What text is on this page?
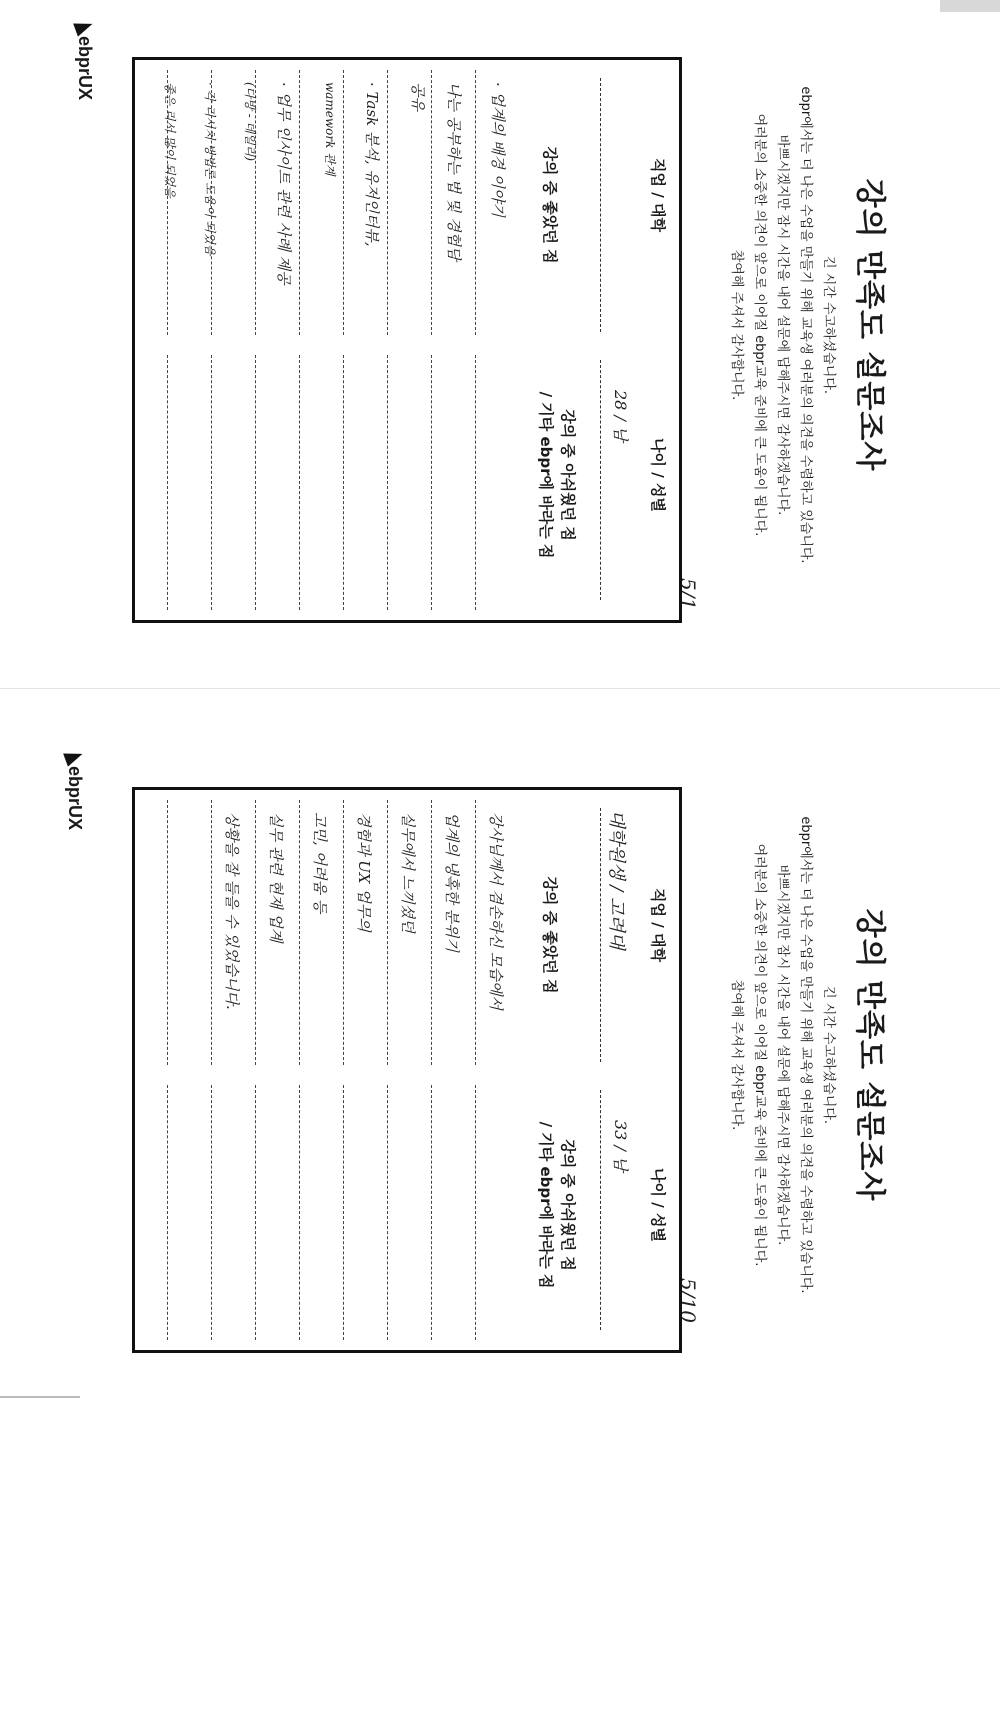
강의 만족도 설문조사
긴 시간 수고하셨습니다.
ebpr에서는 더 나은 수업을 만들기 위해 교육생 여러분의 의견을 수렴하고 있습니다.
바쁘시겠지만 잠시 시간을 내어 설문에 답해주시면 감사하겠습니다.
여러분의 소중한 의견이 앞으로 이어질 ebpr교육 준비에 큰 도움이 됩니다.
참여해 주셔서 감사합니다.
5/1
직업 / 대학
나이 / 성별
28 / 남
강의 중 좋았던 점
강의 중 아쉬웠던 점
/ 기타 ebpr에 바라는 점
· 업계의 배경 이야기
나는 공부하는 법 및 경험담
공유
· Task 분석, 유저인터뷰,
wamework 관계
· 업무 인사이트 관련 사례 제공
(다방 - 데일리)
· 각 리서치 방법론 도움이 되었음
좋은 리서 많이 되었음
ebprUX
강의 만족도 설문조사
긴 시간 수고하셨습니다.
ebpr에서는 더 나은 수업을 만들기 위해 교육생 여러분의 의견을 수렴하고 있습니다.
바쁘시겠지만 잠시 시간을 내어 설문에 답해주시면 감사하겠습니다.
여러분의 소중한 의견이 앞으로 이어질 ebpr교육 준비에 큰 도움이 됩니다.
참여해 주셔서 감사합니다.
5/10
직업 / 대학
나이 / 성별
대학원생 / 고려대
33 / 남
강의 중 좋았던 점
강의 중 아쉬웠던 점
/ 기타 ebpr에 바라는 점
강사님께서 겸손하신 모습에서
업계의 냉혹한 분위기
실무에서 느끼셨던
경험과 UX 업무의
고민, 어려움 등
실무 관련 현재 업계
상황을 잘 들을 수 있었습니다.
ebprUX
